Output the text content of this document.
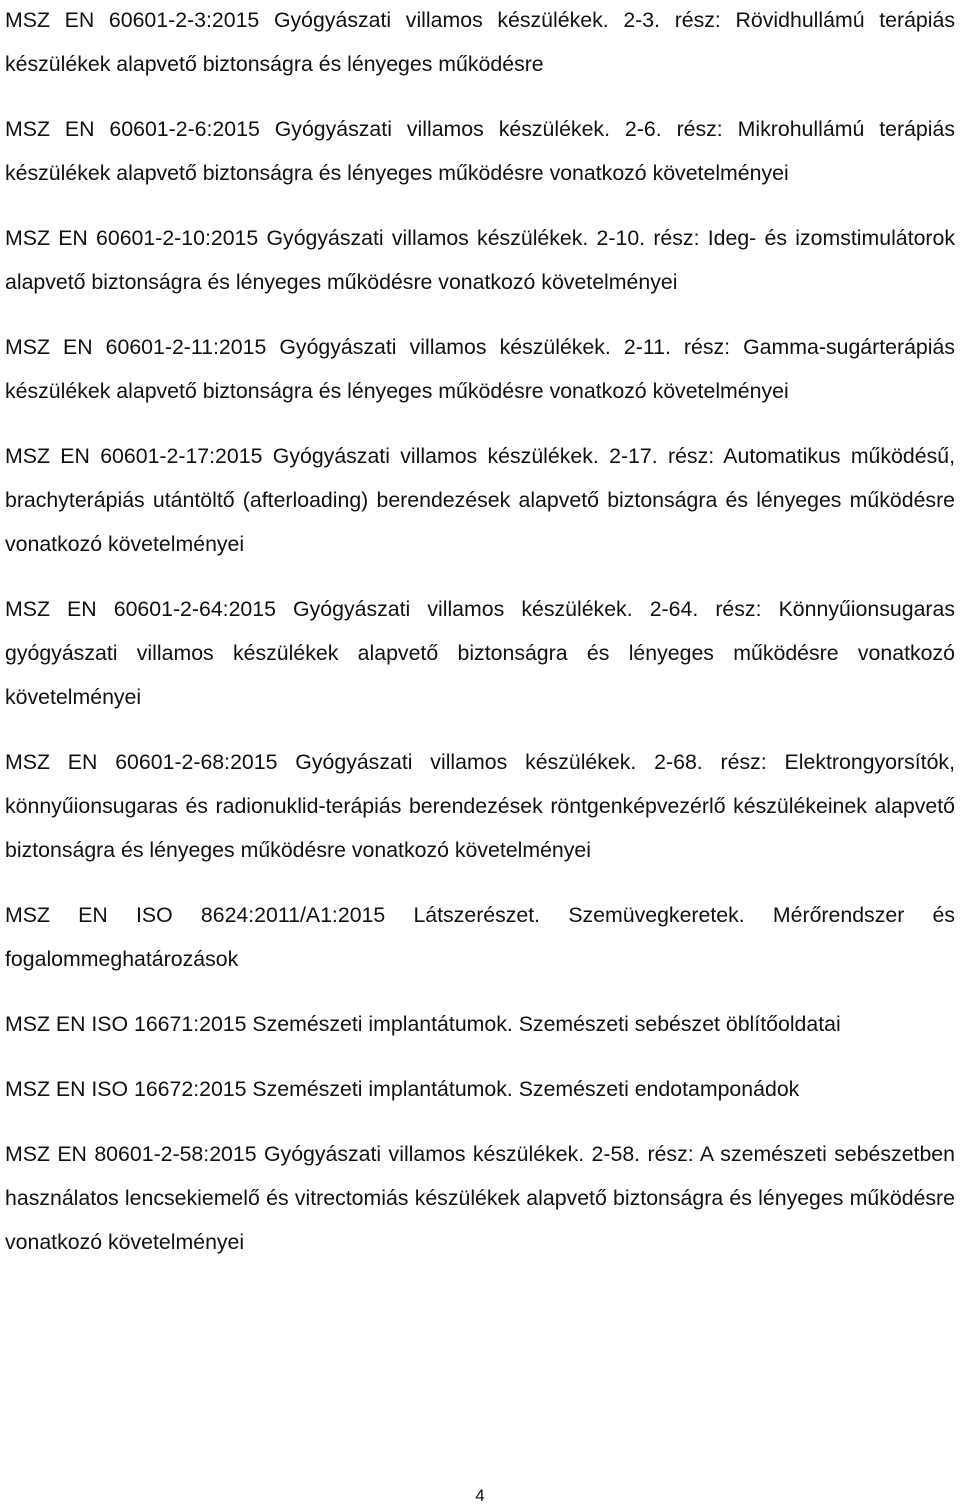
MSZ EN 60601-2-3:2015 Gyógyászati villamos készülékek. 2-3. rész: Rövidhullámú terápiás készülékek alapvető biztonságra és lényeges működésre

MSZ EN 60601-2-6:2015 Gyógyászati villamos készülékek. 2-6. rész: Mikrohullámú terápiás készülékek alapvető biztonságra és lényeges működésre vonatkozó követelményei

MSZ EN 60601-2-10:2015 Gyógyászati villamos készülékek. 2-10. rész: Ideg- és izomstimulátorok alapvető biztonságra és lényeges működésre vonatkozó követelményei

MSZ EN 60601-2-11:2015 Gyógyászati villamos készülékek. 2-11. rész: Gamma-sugárterápiás készülékek alapvető biztonságra és lényeges működésre vonatkozó követelményei

MSZ EN 60601-2-17:2015 Gyógyászati villamos készülékek. 2-17. rész: Automatikus működésű, brachyterápiás utántöltő (afterloading) berendezések alapvető biztonságra és lényeges működésre vonatkozó követelményei

MSZ EN 60601-2-64:2015 Gyógyászati villamos készülékek. 2-64. rész: Könnyűionsugaras gyógyászati villamos készülékek alapvető biztonságra és lényeges működésre vonatkozó követelményei

MSZ EN 60601-2-68:2015 Gyógyászati villamos készülékek. 2-68. rész: Elektrongyorsítók, könnyűionsugaras és radionuklid-terápiás berendezések röntgenképvezérlő készülékeinek alapvető biztonságra és lényeges működésre vonatkozó követelményei

MSZ EN ISO 8624:2011/A1:2015 Látszerészet. Szemüvegkeretek. Mérőrendszer és fogalommeghatározások

MSZ EN ISO 16671:2015 Szemészeti implantátumok. Szemészeti sebészet öblítőoldatai

MSZ EN ISO 16672:2015 Szemészeti implantátumok. Szemészeti endotamponádok

MSZ EN 80601-2-58:2015 Gyógyászati villamos készülékek. 2-58. rész: A szemészeti sebészetben használatos lencsekiemelő és vitrectomiás készülékek alapvető biztonságra és lényeges működésre vonatkozó követelményei

4
